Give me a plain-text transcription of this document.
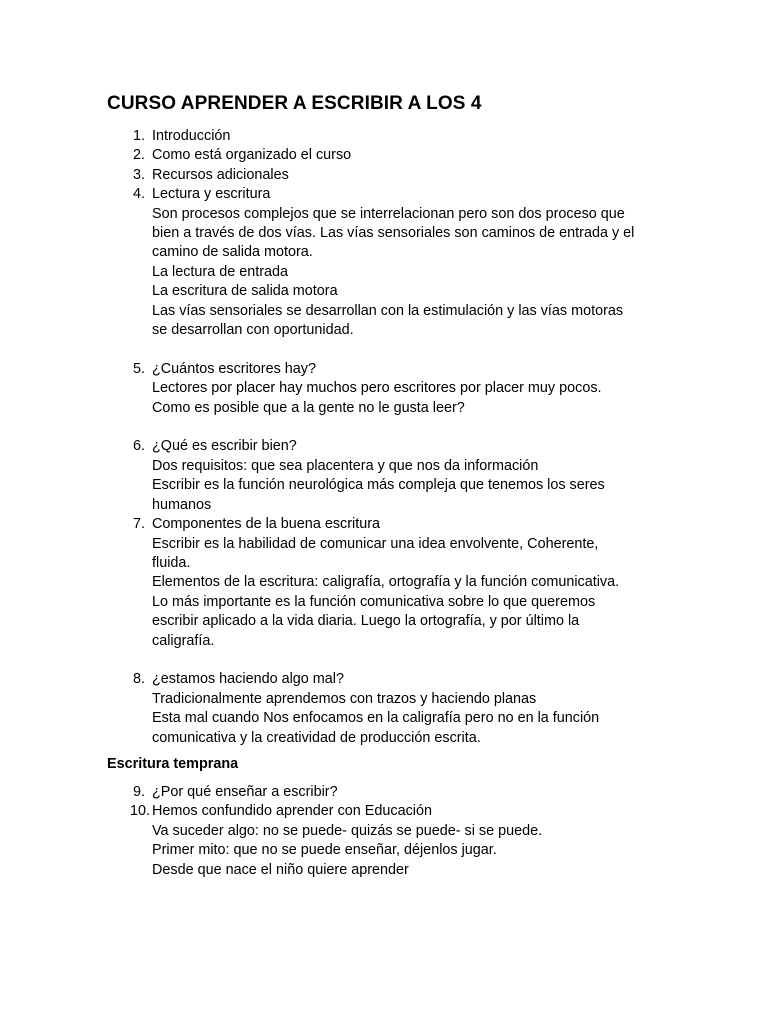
CURSO APRENDER A ESCRIBIR A LOS 4
1. Introducción
2. Como está organizado el curso
3. Recursos adicionales
4. Lectura y escritura
Son procesos complejos que se interrelacionan pero son dos proceso que
bien a través de dos vías. Las vías sensoriales son caminos de entrada y el
camino de salida motora.
La lectura de entrada
La escritura de salida motora
Las vías sensoriales se desarrollan con la estimulación y las vías motoras
se desarrollan con oportunidad.
5. ¿Cuántos escritores hay?
Lectores por placer hay muchos pero escritores por placer muy pocos.
Como es posible que a la gente no le gusta leer?
6. ¿Qué es escribir bien?
Dos requisitos: que sea placentera y que nos da información
Escribir es la función neurológica más compleja que tenemos los seres
humanos
7. Componentes de la buena escritura
Escribir es la habilidad de comunicar una idea envolvente, Coherente,
fluida.
Elementos de la escritura: caligrafía, ortografía y la función comunicativa.
Lo más importante es la función comunicativa sobre lo que queremos
escribir aplicado a la vida diaria. Luego la ortografía, y por último la
caligrafía.
8. ¿estamos haciendo algo mal?
Tradicionalmente aprendemos con trazos y haciendo planas
Esta mal cuando Nos enfocamos en la caligrafía pero no en la función
comunicativa y la creatividad de producción escrita.
Escritura temprana
9. ¿Por qué enseñar a escribir?
10. Hemos confundido aprender con Educación
Va suceder algo: no se puede- quizás se puede- si se puede.
Primer mito: que no se puede enseñar, déjenlos jugar.
Desde que nace el niño quiere aprender
